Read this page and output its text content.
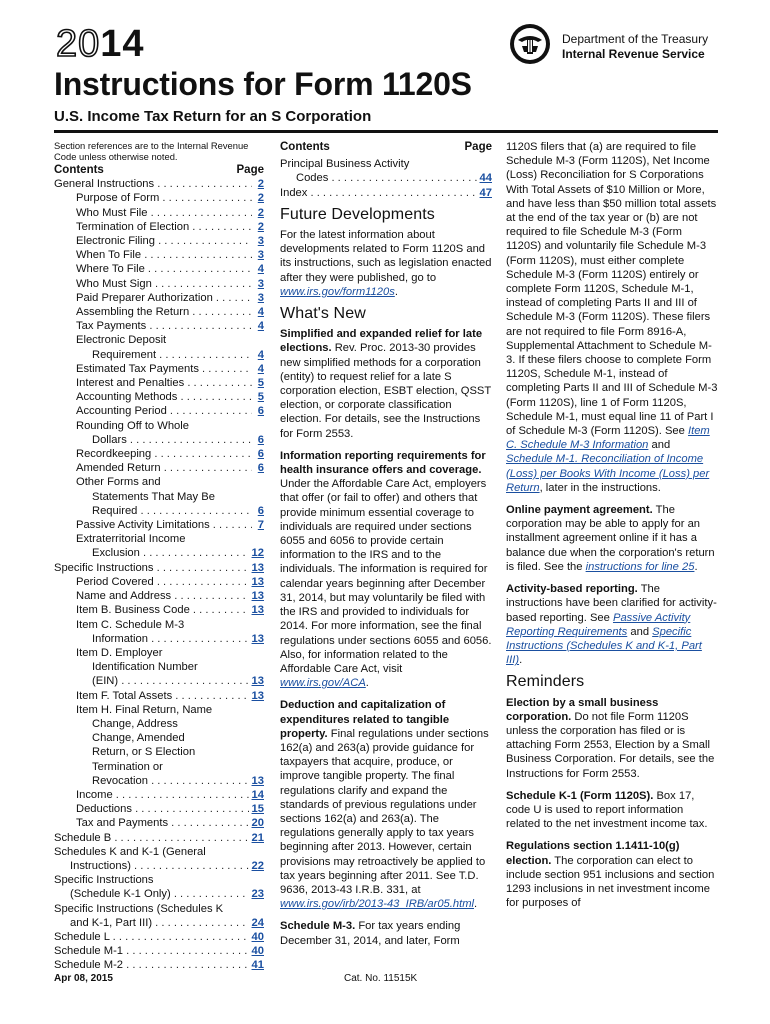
2014
Instructions for Form 1120S
U.S. Income Tax Return for an S Corporation
Department of the Treasury
Internal Revenue Service

Section references are to the Internal Revenue Code unless otherwise noted.

Contents	Page
General Instructions . . .	2
Purpose of Form . . .	2
Who Must File . . .	2
Termination of Election . . .	2
Electronic Filing . . .	3
When To File . . .	3
Where To File . . .	4
Who Must Sign . . .	3
Paid Preparer Authorization . . .	3
Assembling the Return . . .	4
Tax Payments . . .	4
Electronic Deposit
Requirement . . .	4
Estimated Tax Payments . . .	4
Interest and Penalties . . .	5
Accounting Methods . . .	5
Accounting Period . . .	6
Rounding Off to Whole
Dollars . . .	6
Recordkeeping . . .	6
Amended Return . . .	6
Other Forms and
Statements That May Be
Required . . .	6
Passive Activity Limitations . . .	7
Extraterritorial Income
Exclusion . . .	12
Specific Instructions . . .	13
Period Covered . . .	13
Name and Address . . .	13
Item B. Business Code . . .	13
Item C. Schedule M-3
Information . . .	13
Item D. Employer
Identification Number
(EIN) . . .	13
Item F. Total Assets . . .	13
Item H. Final Return, Name
Change, Address
Change, Amended
Return, or S Election
Termination or
Revocation . . .	13
Income . . .	14
Deductions . . .	15
Tax and Payments . . .	20
Schedule B . . .	21
Schedules K and K-1 (General
Instructions) . . .	22
Specific Instructions
(Schedule K-1 Only) . . .	23
Specific Instructions (Schedules K
and K-1, Part III) . . .	24
Schedule L . . .	40
Schedule M-1 . . .	40
Schedule M-2 . . .	41
Contents	Page
Principal Business Activity
Codes . . .	44
Index . . .	47
Future Developments

For the latest information about developments related to Form 1120S and its instructions, such as legislation enacted after they were published, go to www.irs.gov/form1120s.

What's New

Simplified and expanded relief for late elections. Rev. Proc. 2013-30 provides new simplified methods for a corporation (entity) to request relief for a late S corporation election, ESBT election, QSST election, or corporate classification election. For details, see the Instructions for Form 2553.

Information reporting requirements for health insurance offers and coverage. Under the Affordable Care Act, employers that offer (or fail to offer) and others that provide minimum essential coverage to individuals are required under sections 6055 and 6056 to provide certain information to the IRS and to the individuals. The information is required for calendar years beginning after December 31, 2014, but may voluntarily be filed with the IRS and provided to individuals for 2014. For more information, see the final regulations under sections 6055 and 6056. Also, for information related to the Affordable Care Act, visit www.irs.gov/ACA.

Deduction and capitalization of expenditures related to tangible property. Final regulations under sections 162(a) and 263(a) provide guidance for taxpayers that acquire, produce, or improve tangible property. The final regulations clarify and expand the standards of previous regulations under sections 162(a) and 263(a). The regulations generally apply to tax years beginning after 2013. However, certain provisions may retroactively be applied to tax years beginning after 2011. See T.D. 9636, 2013-43 I.R.B. 331, at www.irs.gov/irb/2013-43_IRB/ar05.html.

Schedule M-3. For tax years ending December 31, 2014, and later, Form

1120S filers that (a) are required to file Schedule M-3 (Form 1120S), Net Income (Loss) Reconciliation for S Corporations With Total Assets of $10 Million or More, and have less than $50 million total assets at the end of the tax year or (b) are not required to file Schedule M-3 (Form 1120S) and voluntarily file Schedule M-3 (Form 1120S), must either complete Schedule M-3 (Form 1120S) entirely or complete Form 1120S, Schedule M-1, instead of completing Parts II and III of Schedule M-3 (Form 1120S). These filers are not required to file Form 8916-A, Supplemental Attachment to Schedule M-3. If these filers choose to complete Form 1120S, Schedule M-1, instead of completing Parts II and III of Schedule M-3 (Form 1120S), line 1 of Form 1120S, Schedule M-1, must equal line 11 of Part I of Schedule M-3 (Form 1120S). See Item C. Schedule M-3 Information and Schedule M-1. Reconciliation of Income (Loss) per Books With Income (Loss) per Return, later in the instructions.

Online payment agreement. The corporation may be able to apply for an installment agreement online if it has a balance due when the corporation's return is filed. See the instructions for line 25.

Activity-based reporting. The instructions have been clarified for activity-based reporting. See Passive Activity Reporting Requirements and Specific Instructions (Schedules K and K-1, Part III).

Reminders

Election by a small business corporation. Do not file Form 1120S unless the corporation has filed or is attaching Form 2553, Election by a Small Business Corporation. For details, see the Instructions for Form 2553.

Schedule K-1 (Form 1120S). Box 17, code U is used to report information related to the net investment income tax.

Regulations section 1.1411-10(g) election. The corporation can elect to include section 951 inclusions and section 1293 inclusions in net investment income for purposes of

Apr 08, 2015	Cat. No. 11515K
